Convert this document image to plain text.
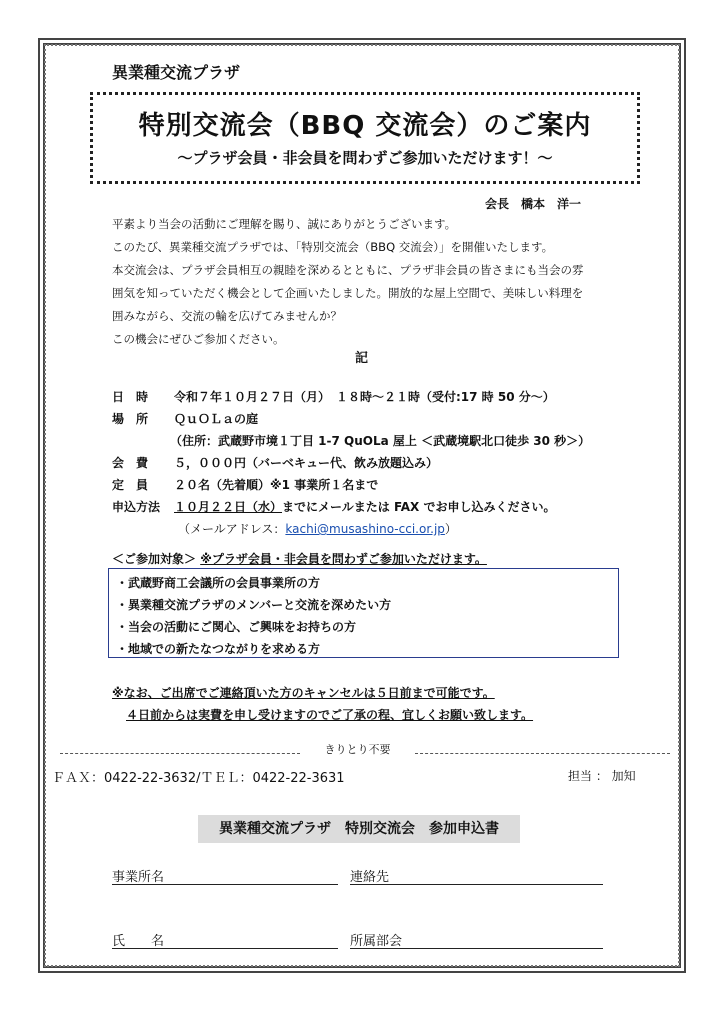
異業種交流プラザ
特別交流会（BBQ 交流会）のご案内
～プラザ会員・非会員を問わずご参加いただけます！～
会長　橋本　洋一
平素より当会の活動にご理解を賜り、誠にありがとうございます。
このたび、異業種交流プラザでは、「特別交流会（BBQ 交流会）」を開催いたします。
本交流会は、プラザ会員相互の親睦を深めるとともに、プラザ非会員の皆さまにも当会の雰
囲気を知っていただく機会として企画いたしました。開放的な屋上空間で、美味しい料理を
囲みながら、交流の輪を広げてみませんか？
この機会にぜひご参加ください。
記
日　時 令和７年１０月２７日（月）　１８時～２１時（受付:17 時 50 分～）
場　所 ＱｕＯＬａの庭
（住所：武蔵野市境１丁目 1-7 QuOLa 屋上 ＜武蔵境駅北口徒歩 30 秒＞）
会　費 ５，０００円（バーベキュー代、飲み放題込み）
定　員 ２０名（先着順）※1 事業所１名まで
申込方法 １０月２２日（水）までにメールまたは FAX でお申し込みください。
（メールアドレス：kachi@musashino-cci.or.jp）
＜ご参加対象＞ ※プラザ会員・非会員を問わずご参加いただけます。
・武蔵野商工会議所の会員事業所の方
・異業種交流プラザのメンバーと交流を深めたい方
・当会の活動にご関心、ご興味をお持ちの方
・地域での新たなつながりを求める方
※なお、ご出席でご連絡頂いた方のキャンセルは５日前まで可能です。
４日前からは実費を申し受けますのでご了承の程、宜しくお願い致します。
きりとり不要
ＦＡＸ：0422-22-3632/ＴＥＬ：0422-22-3631	担当 ： 加知
異業種交流プラザ　特別交流会　参加申込書
事業所名	連絡先
氏　　名	所属部会
